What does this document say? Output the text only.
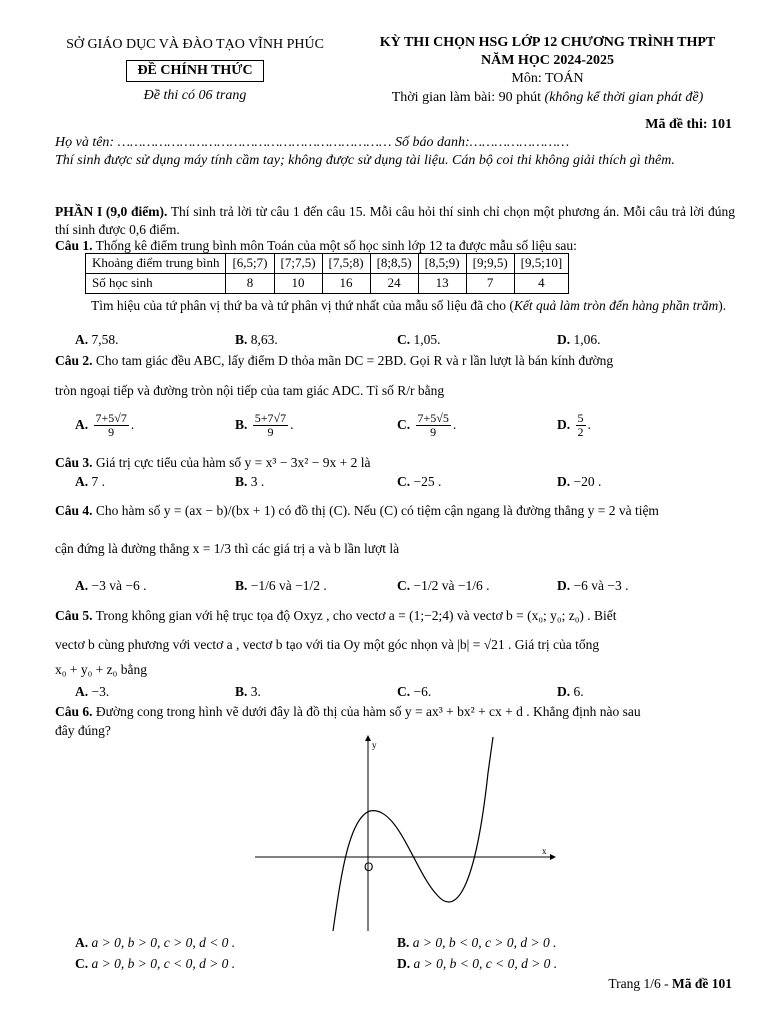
SỞ GIÁO DỤC VÀ ĐÀO TẠO VĨNH PHÚC
ĐỀ CHÍNH THỨC
Đề thi có 06 trang
KỲ THI CHỌN HSG LỚP 12 CHƯƠNG TRÌNH THPT
NĂM HỌC 2024-2025
Môn: TOÁN
Thời gian làm bài: 90 phút (không kể thời gian phát đề)
Mã đề thi: 101
Họ và tên: ………………………………………………………… Số báo danh:……………………
Thí sinh được sử dụng máy tính cầm tay; không được sử dụng tài liệu. Cán bộ coi thi không giải thích gì thêm.
PHẦN I (9,0 điểm). Thí sinh trả lời từ câu 1 đến câu 15. Mỗi câu hỏi thí sinh chỉ chọn một phương án. Mỗi câu trả lời đúng thí sinh được 0,6 điểm.
Câu 1. Thống kê điểm trung bình môn Toán của một số học sinh lớp 12 ta được mẫu số liệu sau:
Khoảng điểm trung bình	[6,5;7)	[7;7,5)	[7,5;8)	[8;8,5)	[8,5;9)	[9;9,5)	[9,5;10]
Số học sinh	8	10	16	24	13	7	4
Tìm hiệu của tứ phân vị thứ ba và tứ phân vị thứ nhất của mẫu số liệu đã cho (Kết quả làm tròn đến hàng phần trăm).
A. 7,58.	B. 8,63.	C. 1,05.	D. 1,06.
Câu 2. Cho tam giác đều ABC, lấy điểm D thỏa mãn DC = 2BD. Gọi R và r lần lượt là bán kính đường
tròn ngoại tiếp và đường tròn nội tiếp của tam giác ADC. Tỉ số R/r bằng
A. $\frac{7+5√7}{9}$ .	B. $\frac{5+7√7}{9}$ .	C. $\frac{7+5√5}{9}$ .	D. $\frac{5}{2}$ .
Câu 3. Giá trị cực tiểu của hàm số y = x³ − 3x² − 9x + 2 là
A. 7 .	B. 3 .	C. −25 .	D. −20 .
Câu 4. Cho hàm số y = (ax − b)/(bx + 1) có đồ thị (C). Nếu (C) có tiệm cận ngang là đường thẳng y = 2 và tiệm
cận đứng là đường thẳng x = 1/3 thì các giá trị a và b lần lượt là
A. −3 và −6 .	B. −1/6 và −1/2 .	C. −1/2 và −1/6 .	D. −6 và −3 .
Câu 5. Trong không gian với hệ trục tọa độ Oxyz , cho vectơ a = (1;−2;4) và vectơ b = (x₀; y₀; z₀) . Biết
vectơ b cùng phương với vectơ a , vectơ b tạo với tia Oy một góc nhọn và |b| = √21 . Giá trị của tổng
x₀ + y₀ + z₀ bằng
A. −3.	B. 3.	C. −6.	D. 6.
Câu 6. Đường cong trong hình vẽ dưới đây là đồ thị của hàm số y = ax³ + bx² + cx + d . Khẳng định nào sau
đây đúng?
x
y
O
A. a > 0, b > 0, c > 0, d < 0 .	B. a > 0, b < 0, c > 0, d > 0 .
C. a > 0, b > 0, c < 0, d > 0 .	D. a > 0, b < 0, c < 0, d > 0 .
Trang 1/6 - Mã đề 101
